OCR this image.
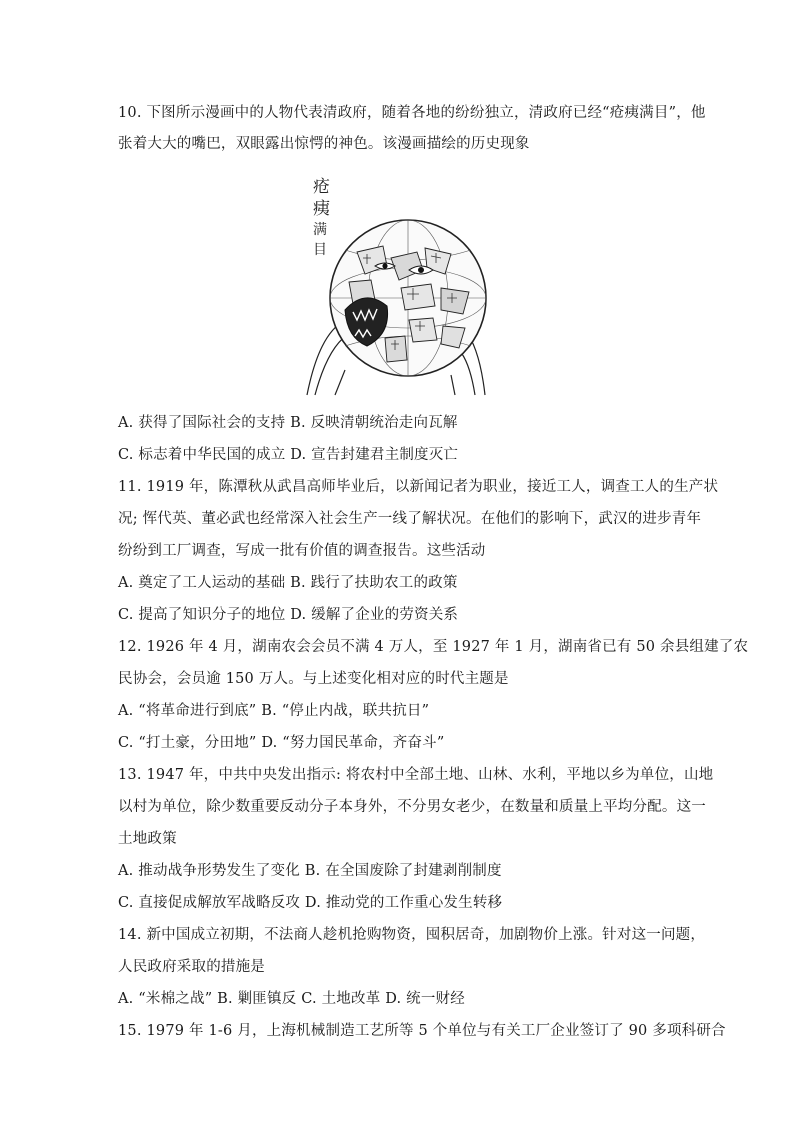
10. 下图所示漫画中的人物代表清政府，随着各地的纷纷独立，清政府已经“疮痍满目”，他
张着大大的嘴巴，双眼露出惊愕的神色。该漫画描绘的历史现象
疮
痍
满
目
A. 获得了国际社会的支持 B. 反映清朝统治走向瓦解
C. 标志着中华民国的成立 D. 宣告封建君主制度灭亡
11. 1919 年，陈潭秋从武昌高师毕业后，以新闻记者为职业，接近工人，调查工人的生产状
况; 恽代英、董必武也经常深入社会生产一线了解状况。在他们的影响下，武汉的进步青年
纷纷到工厂调查，写成一批有价值的调查报告。这些活动
A. 奠定了工人运动的基础 B. 践行了扶助农工的政策
C. 提高了知识分子的地位 D. 缓解了企业的劳资关系
12. 1926 年 4 月，湖南农会会员不满 4 万人，至 1927 年 1 月，湖南省已有 50 余县组建了农
民协会，会员逾 150 万人。与上述变化相对应的时代主题是
A. “将革命进行到底” B. “停止内战，联共抗日”
C. “打土豪，分田地” D. “努力国民革命，齐奋斗”
13. 1947 年，中共中央发出指示: 将农村中全部土地、山林、水利，平地以乡为单位，山地
以村为单位，除少数重要反动分子本身外，不分男女老少，在数量和质量上平均分配。这一
土地政策
A. 推动战争形势发生了变化 B. 在全国废除了封建剥削制度
C. 直接促成解放军战略反攻 D. 推动党的工作重心发生转移
14. 新中国成立初期，不法商人趁机抢购物资，囤积居奇，加剧物价上涨。针对这一问题，
人民政府采取的措施是
A. “米棉之战” B. 剿匪镇反 C. 土地改革 D. 统一财经
15. 1979 年 1-6 月，上海机械制造工艺所等 5 个单位与有关工厂企业签订了 90 多项科研合
